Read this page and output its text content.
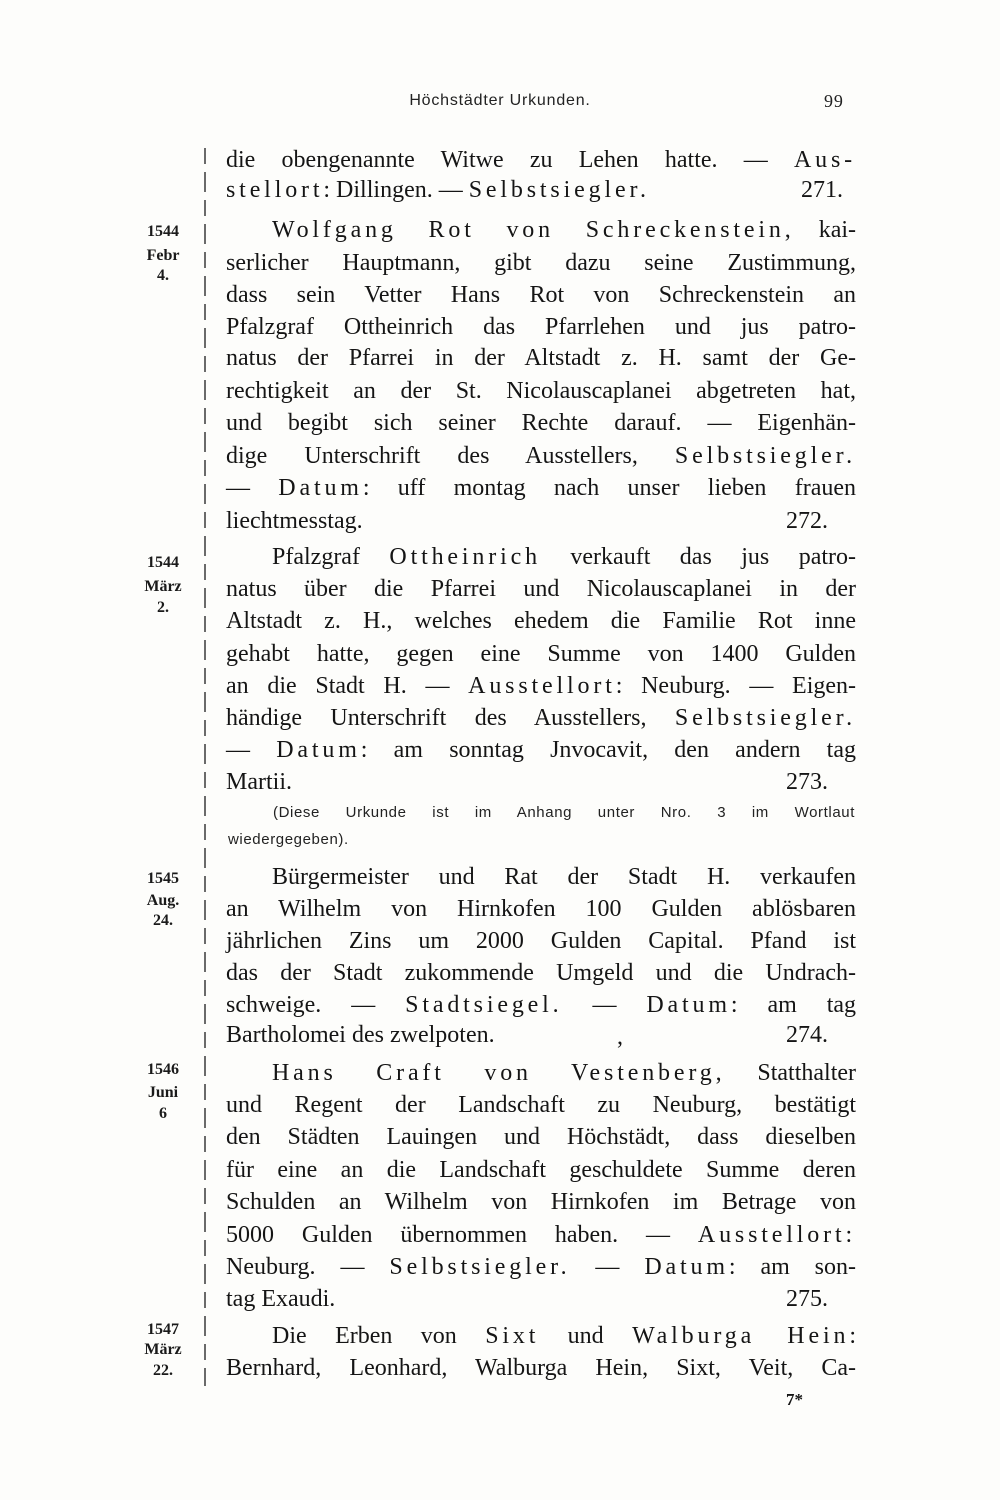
Höchstädter Urkunden.	99
die obengenannte Witwe zu Lehen hatte. — Aus-
stellort: Dillingen. — Selbstsiegler.	271.
1544
Febr
4.
Wolfgang Rot von Schreckenstein, kai-
serlicher Hauptmann, gibt dazu seine Zustimmung,
dass sein Vetter Hans Rot von Schreckenstein an
Pfalzgraf Ottheinrich das Pfarrlehen und jus patro-
natus der Pfarrei in der Altstadt z. H. samt der Ge-
rechtigkeit an der St. Nicolauscaplanei abgetreten hat,
und begibt sich seiner Rechte darauf. — Eigenhän-
dige Unterschrift des Ausstellers, Selbstsiegler.
— Datum: uff montag nach unser lieben frauen
liechtmesstag.	272.
1544
März
2.
Pfalzgraf Ottheinrich verkauft das jus patro-
natus über die Pfarrei und Nicolauscaplanei in der
Altstadt z. H., welches ehedem die Familie Rot inne
gehabt hatte, gegen eine Summe von 1400 Gulden
an die Stadt H. — Ausstellort: Neuburg. — Eigen-
händige Unterschrift des Ausstellers, Selbstsiegler.
— Datum: am sonntag Jnvocavit, den andern tag
Martii.	273.
(Diese Urkunde ist im Anhang unter Nro. 3 im Wortlaut
wiedergegeben).
1545
Aug.
24.
Bürgermeister und Rat der Stadt H. verkaufen
an Wilhelm von Hirnkofen 100 Gulden ablösbaren
jährlichen Zins um 2000 Gulden Capital. Pfand ist
das der Stadt zukommende Umgeld und die Undrach-
schweige. — Stadtsiegel. — Datum: am tag
Bartholomei des zwelpoten.	,	274.
1546
Juni
6
Hans Craft von Vestenberg, Statthalter
und Regent der Landschaft zu Neuburg, bestätigt
den Städten Lauingen und Höchstädt, dass dieselben
für eine an die Landschaft geschuldete Summe deren
Schulden an Wilhelm von Hirnkofen im Betrage von
5000 Gulden übernommen haben. — Ausstellort:
Neuburg. — Selbstsiegler. — Datum: am son-
tag Exaudi.	275.
1547
März
22.
Die Erben von Sixt und Walburga Hein:
Bernhard, Leonhard, Walburga Hein, Sixt, Veit, Ca-
7*
